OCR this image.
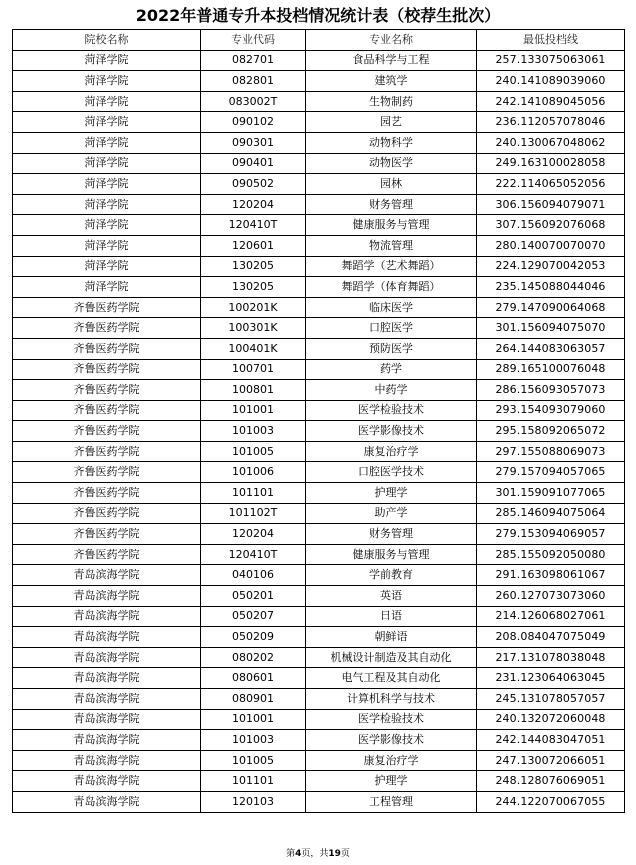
2022年普通专升本投档情况统计表（校荐生批次）
院校名称	专业代码	专业名称	最低投档线
菏泽学院	082701	食品科学与工程	257.133075063061
菏泽学院	082801	建筑学	240.141089039060
菏泽学院	083002T	生物制药	242.141089045056
菏泽学院	090102	园艺	236.112057078046
菏泽学院	090301	动物科学	240.130067048062
菏泽学院	090401	动物医学	249.163100028058
菏泽学院	090502	园林	222.114065052056
菏泽学院	120204	财务管理	306.156094079071
菏泽学院	120410T	健康服务与管理	307.156092076068
菏泽学院	120601	物流管理	280.140070070070
菏泽学院	130205	舞蹈学（艺术舞蹈）	224.129070042053
菏泽学院	130205	舞蹈学（体育舞蹈）	235.145088044046
齐鲁医药学院	100201K	临床医学	279.147090064068
齐鲁医药学院	100301K	口腔医学	301.156094075070
齐鲁医药学院	100401K	预防医学	264.144083063057
齐鲁医药学院	100701	药学	289.165100076048
齐鲁医药学院	100801	中药学	286.156093057073
齐鲁医药学院	101001	医学检验技术	293.154093079060
齐鲁医药学院	101003	医学影像技术	295.158092065072
齐鲁医药学院	101005	康复治疗学	297.155088069073
齐鲁医药学院	101006	口腔医学技术	279.157094057065
齐鲁医药学院	101101	护理学	301.159091077065
齐鲁医药学院	101102T	助产学	285.146094075064
齐鲁医药学院	120204	财务管理	279.153094069057
齐鲁医药学院	120410T	健康服务与管理	285.155092050080
青岛滨海学院	040106	学前教育	291.163098061067
青岛滨海学院	050201	英语	260.127073073060
青岛滨海学院	050207	日语	214.126068027061
青岛滨海学院	050209	朝鲜语	208.084047075049
青岛滨海学院	080202	机械设计制造及其自动化	217.131078038048
青岛滨海学院	080601	电气工程及其自动化	231.123064063045
青岛滨海学院	080901	计算机科学与技术	245.131078057057
青岛滨海学院	101001	医学检验技术	240.132072060048
青岛滨海学院	101003	医学影像技术	242.144083047051
青岛滨海学院	101005	康复治疗学	247.130072066051
青岛滨海学院	101101	护理学	248.128076069051
青岛滨海学院	120103	工程管理	244.122070067055
第4页，共19页
